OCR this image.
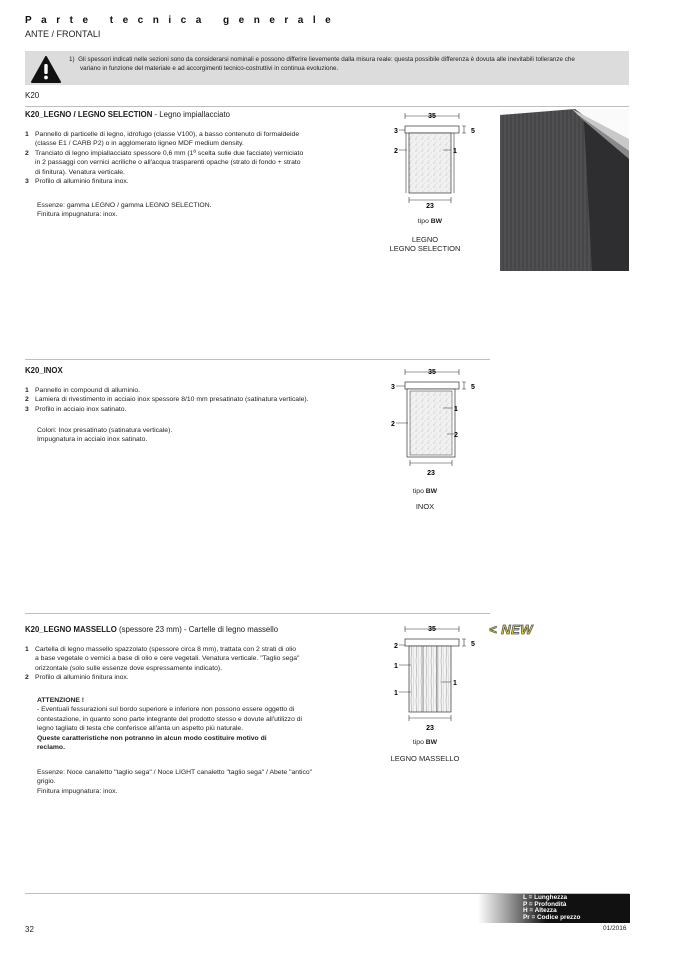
Parte tecnica generale
ANTE / FRONTALI
1) Gli spessori indicati nelle sezioni sono da considerarsi nominali e possono differire lievemente dalla misura reale: questa possibile differenza è dovuta alle inevitabili tolleranze che
variano in funzione del materiale e ad accorgimenti tecnico-costruttivi in continua evoluzione.
K20
K20_LEGNO / LEGNO SELECTION - Legno impiallacciato
1 Pannello di particelle di legno, idrofugo (classe V100), a basso contenuto di formaldeide
(classe E1 / CARB P2) o in agglomerato ligneo MDF medium density.
2 Tranciato di legno impiallacciato spessore 0,6 mm (1ª scelta sulle due facciate) verniciato
in 2 passaggi con vernici acriliche o all'acqua trasparenti opache (strato di fondo + strato
di finitura). Venatura verticale.
3 Profilo di alluminio finitura inox.
Essenze: gamma LEGNO / gamma LEGNO SELECTION.
Finitura impugnatura: inox.
35
23
3
2	1
5
tipo BW
LEGNO
LEGNO SELECTION
K20_INOX
1 Pannello in compound di alluminio.
2 Lamiera di rivestimento in acciaio inox spessore 8/10 mm presatinato (satinatura verticale).
3 Profilo in acciaio inox satinato.
Colori: Inox presatinato (satinatura verticale).
Impugnatura in acciaio inox satinato.
35
23
3
2
1
2
5
tipo BW
INOX
K20_LEGNO MASSELLO (spessore 23 mm) - Cartelle di legno massello	< NEW
1 Cartella di legno massello spazzolato (spessore circa 8 mm), trattata con 2 strati di olio
a base vegetale o vernici a base di olio e cere vegetali. Venatura verticale. "Taglio sega"
orizzontale (solo sulle essenze dove espressamente indicato).
2 Profilo di alluminio finitura inox.
ATTENZIONE !
- Eventuali fessurazioni sul bordo superiore e inferiore non possono essere oggetto di
contestazione, in quanto sono parte integrante del prodotto stesso e dovute all'utilizzo di
legno tagliato di testa che conferisce all'anta un aspetto più naturale.
Queste caratteristiche non potranno in alcun modo costituire motivo di
reclamo.
Essenze: Noce canaletto "taglio sega" / Noce LIGHT canaletto "taglio sega" / Abete "antico"
grigio.
Finitura impugnatura: inox.
35
23
2
1
1
1
5
tipo BW
LEGNO MASSELLO
L = Lunghezza
P = Profondità
H = Altezza
Pr = Codice prezzo
32	01/2016
